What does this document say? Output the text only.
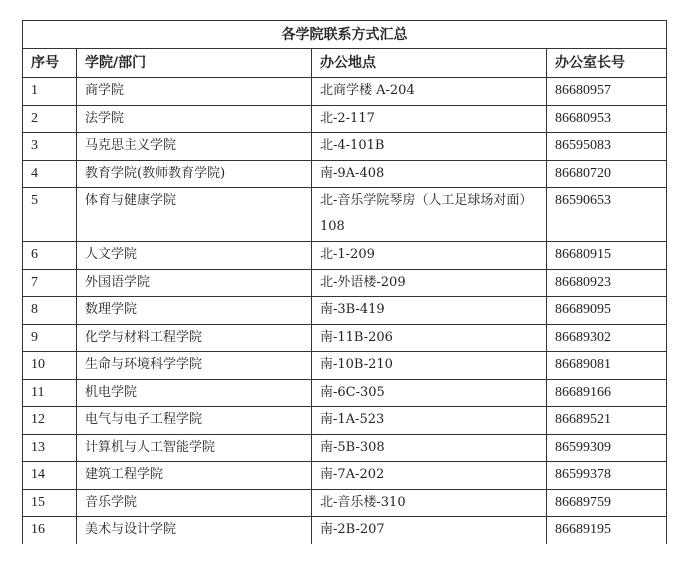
各学院联系方式汇总			
序号	学院/部门	办公地点	办公室长号
1	商学院	北商学楼 A-204	86680957
2	法学院	北-2-117	86680953
3	马克思主义学院	北-4-101B	86595083
4	教育学院(教师教育学院)	南-9A-408	86680720
5	体育与健康学院	北-音乐学院琴房（人工足球场对面）108	86590653
6	人文学院	北-1-209	86680915
7	外国语学院	北-外语楼-209	86680923
8	数理学院	南-3B-419	86689095
9	化学与材料工程学院	南-11B-206	86689302
10	生命与环境科学学院	南-10B-210	86689081
11	机电学院	南-6C-305	86689166
12	电气与电子工程学院	南-1A-523	86689521
13	计算机与人工智能学院	南-5B-308	86599309
14	建筑工程学院	南-7A-202	86599378
15	音乐学院	北-音乐楼-310	86689759
16	美术与设计学院	南-2B-207	86689195
